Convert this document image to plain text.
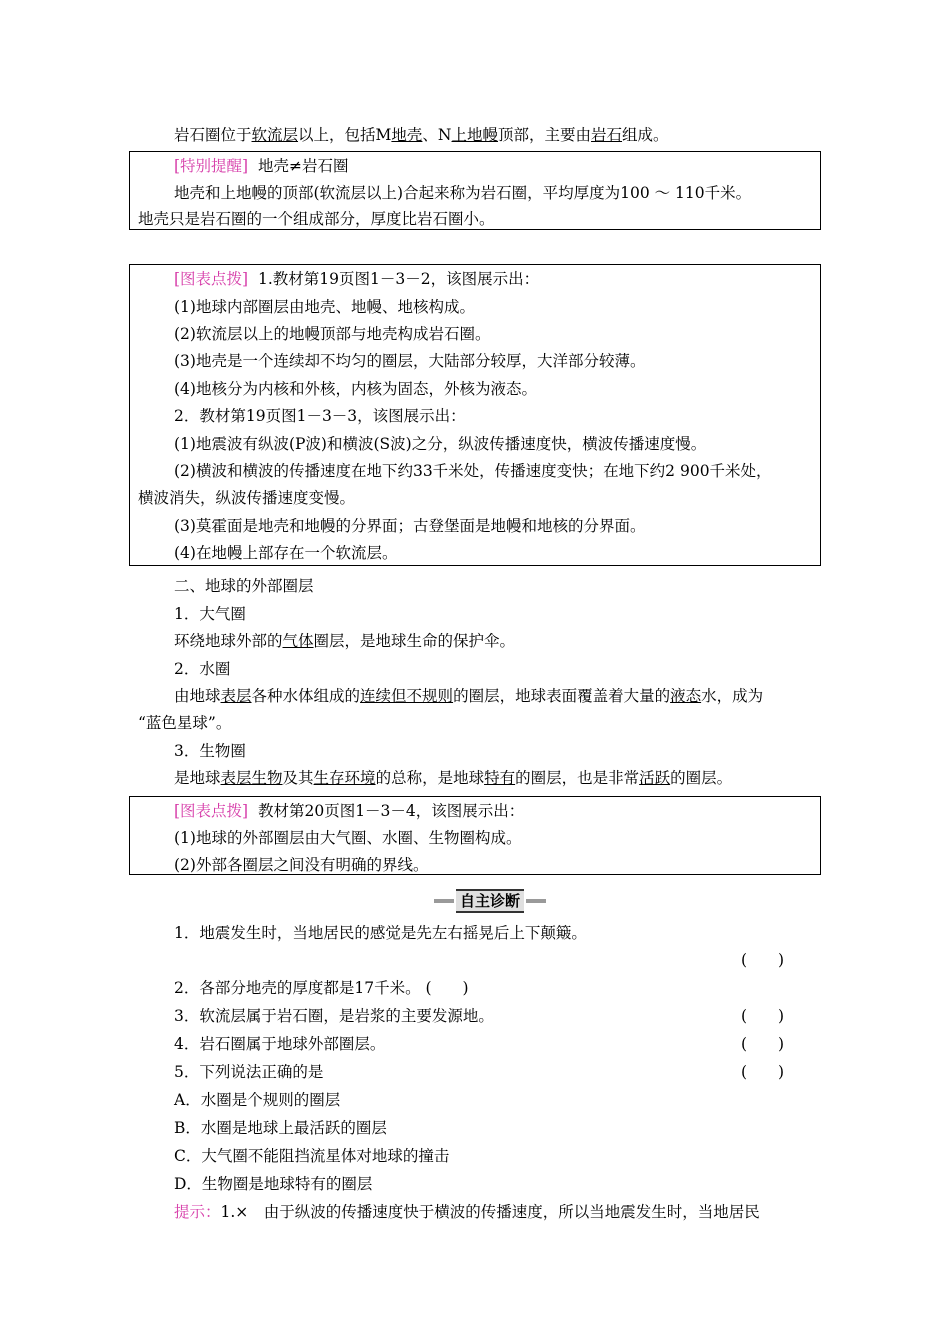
岩石圈位于软流层以上，包括M地壳、N上地幔顶部，主要由岩石组成。
[特别提醒] 地壳≠岩石圈
地壳和上地幔的顶部(软流层以上)合起来称为岩石圈，平均厚度为100 ～ 110千米。
地壳只是岩石圈的一个组成部分，厚度比岩石圈小。
[图表点拨] 1.教材第19页图1－3－2，该图展示出：
(1)地球内部圈层由地壳、地幔、地核构成。
(2)软流层以上的地幔顶部与地壳构成岩石圈。
(3)地壳是一个连续却不均匀的圈层，大陆部分较厚，大洋部分较薄。
(4)地核分为内核和外核，内核为固态，外核为液态。
2．教材第19页图1－3－3，该图展示出：
(1)地震波有纵波(P波)和横波(S波)之分，纵波传播速度快，横波传播速度慢。
(2)横波和横波的传播速度在地下约33千米处，传播速度变快；在地下约2 900千米处，
横波消失，纵波传播速度变慢。
(3)莫霍面是地壳和地幔的分界面；古登堡面是地幔和地核的分界面。
(4)在地幔上部存在一个软流层。
二、地球的外部圈层
1．大气圈
环绕地球外部的气体圈层，是地球生命的保护伞。
2．水圈
由地球表层各种水体组成的连续但不规则的圈层，地球表面覆盖着大量的液态水，成为
“蓝色星球”。
3．生物圈
是地球表层生物及其生存环境的总称，是地球特有的圈层，也是非常活跃的圈层。
[图表点拨] 教材第20页图1－3－4，该图展示出：
(1)地球的外部圈层由大气圈、水圈、生物圈构成。
(2)外部各圈层之间没有明确的界线。
自主诊断
1．地震发生时，当地居民的感觉是先左右摇晃后上下颠簸。
(　　)
2．各部分地壳的厚度都是17千米。 (　　)
3．软流层属于岩石圈，是岩浆的主要发源地。	(　　)
4．岩石圈属于地球外部圈层。	(　　)
5．下列说法正确的是	(　　)
A．水圈是个规则的圈层
B．水圈是地球上最活跃的圈层
C．大气圈不能阻挡流星体对地球的撞击
D．生物圈是地球特有的圈层
提示：1.×　由于纵波的传播速度快于横波的传播速度，所以当地震发生时，当地居民
